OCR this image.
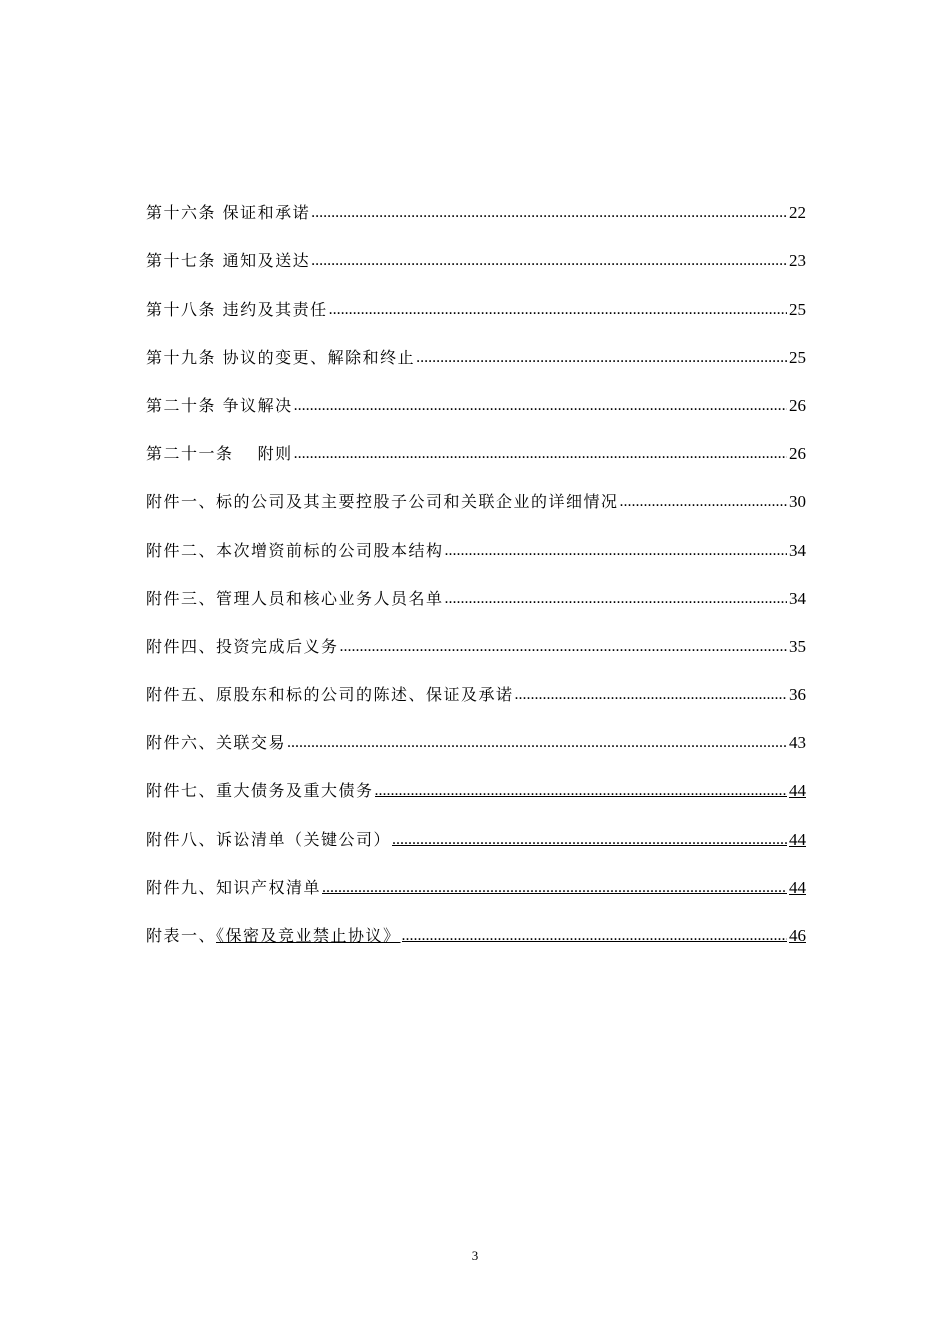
第十六条 保证和承诺 .....	22
第十七条 通知及送达 .....	23
第十八条 违约及其责任 .....	25
第十九条 协议的变更、解除和终止 .....	25
第二十条 争议解决 .....	26
第二十一条 　附则 .....	26
附件一、标的公司及其主要控股子公司和关联企业的详细情况 .....	30
附件二、本次增资前标的公司股本结构 .....	34
附件三、管理人员和核心业务人员名单 .....	34
附件四、投资完成后义务 .....	35
附件五、原股东和标的公司的陈述、保证及承诺 .....	36
附件六、关联交易 .....	43
附件七、重大债务及重大债务 .....	44
附件八、诉讼清单（关键公司） .....	44
附件九、知识产权清单 .....	44
附表一、《保密及竞业禁止协议》 .....	46
3
